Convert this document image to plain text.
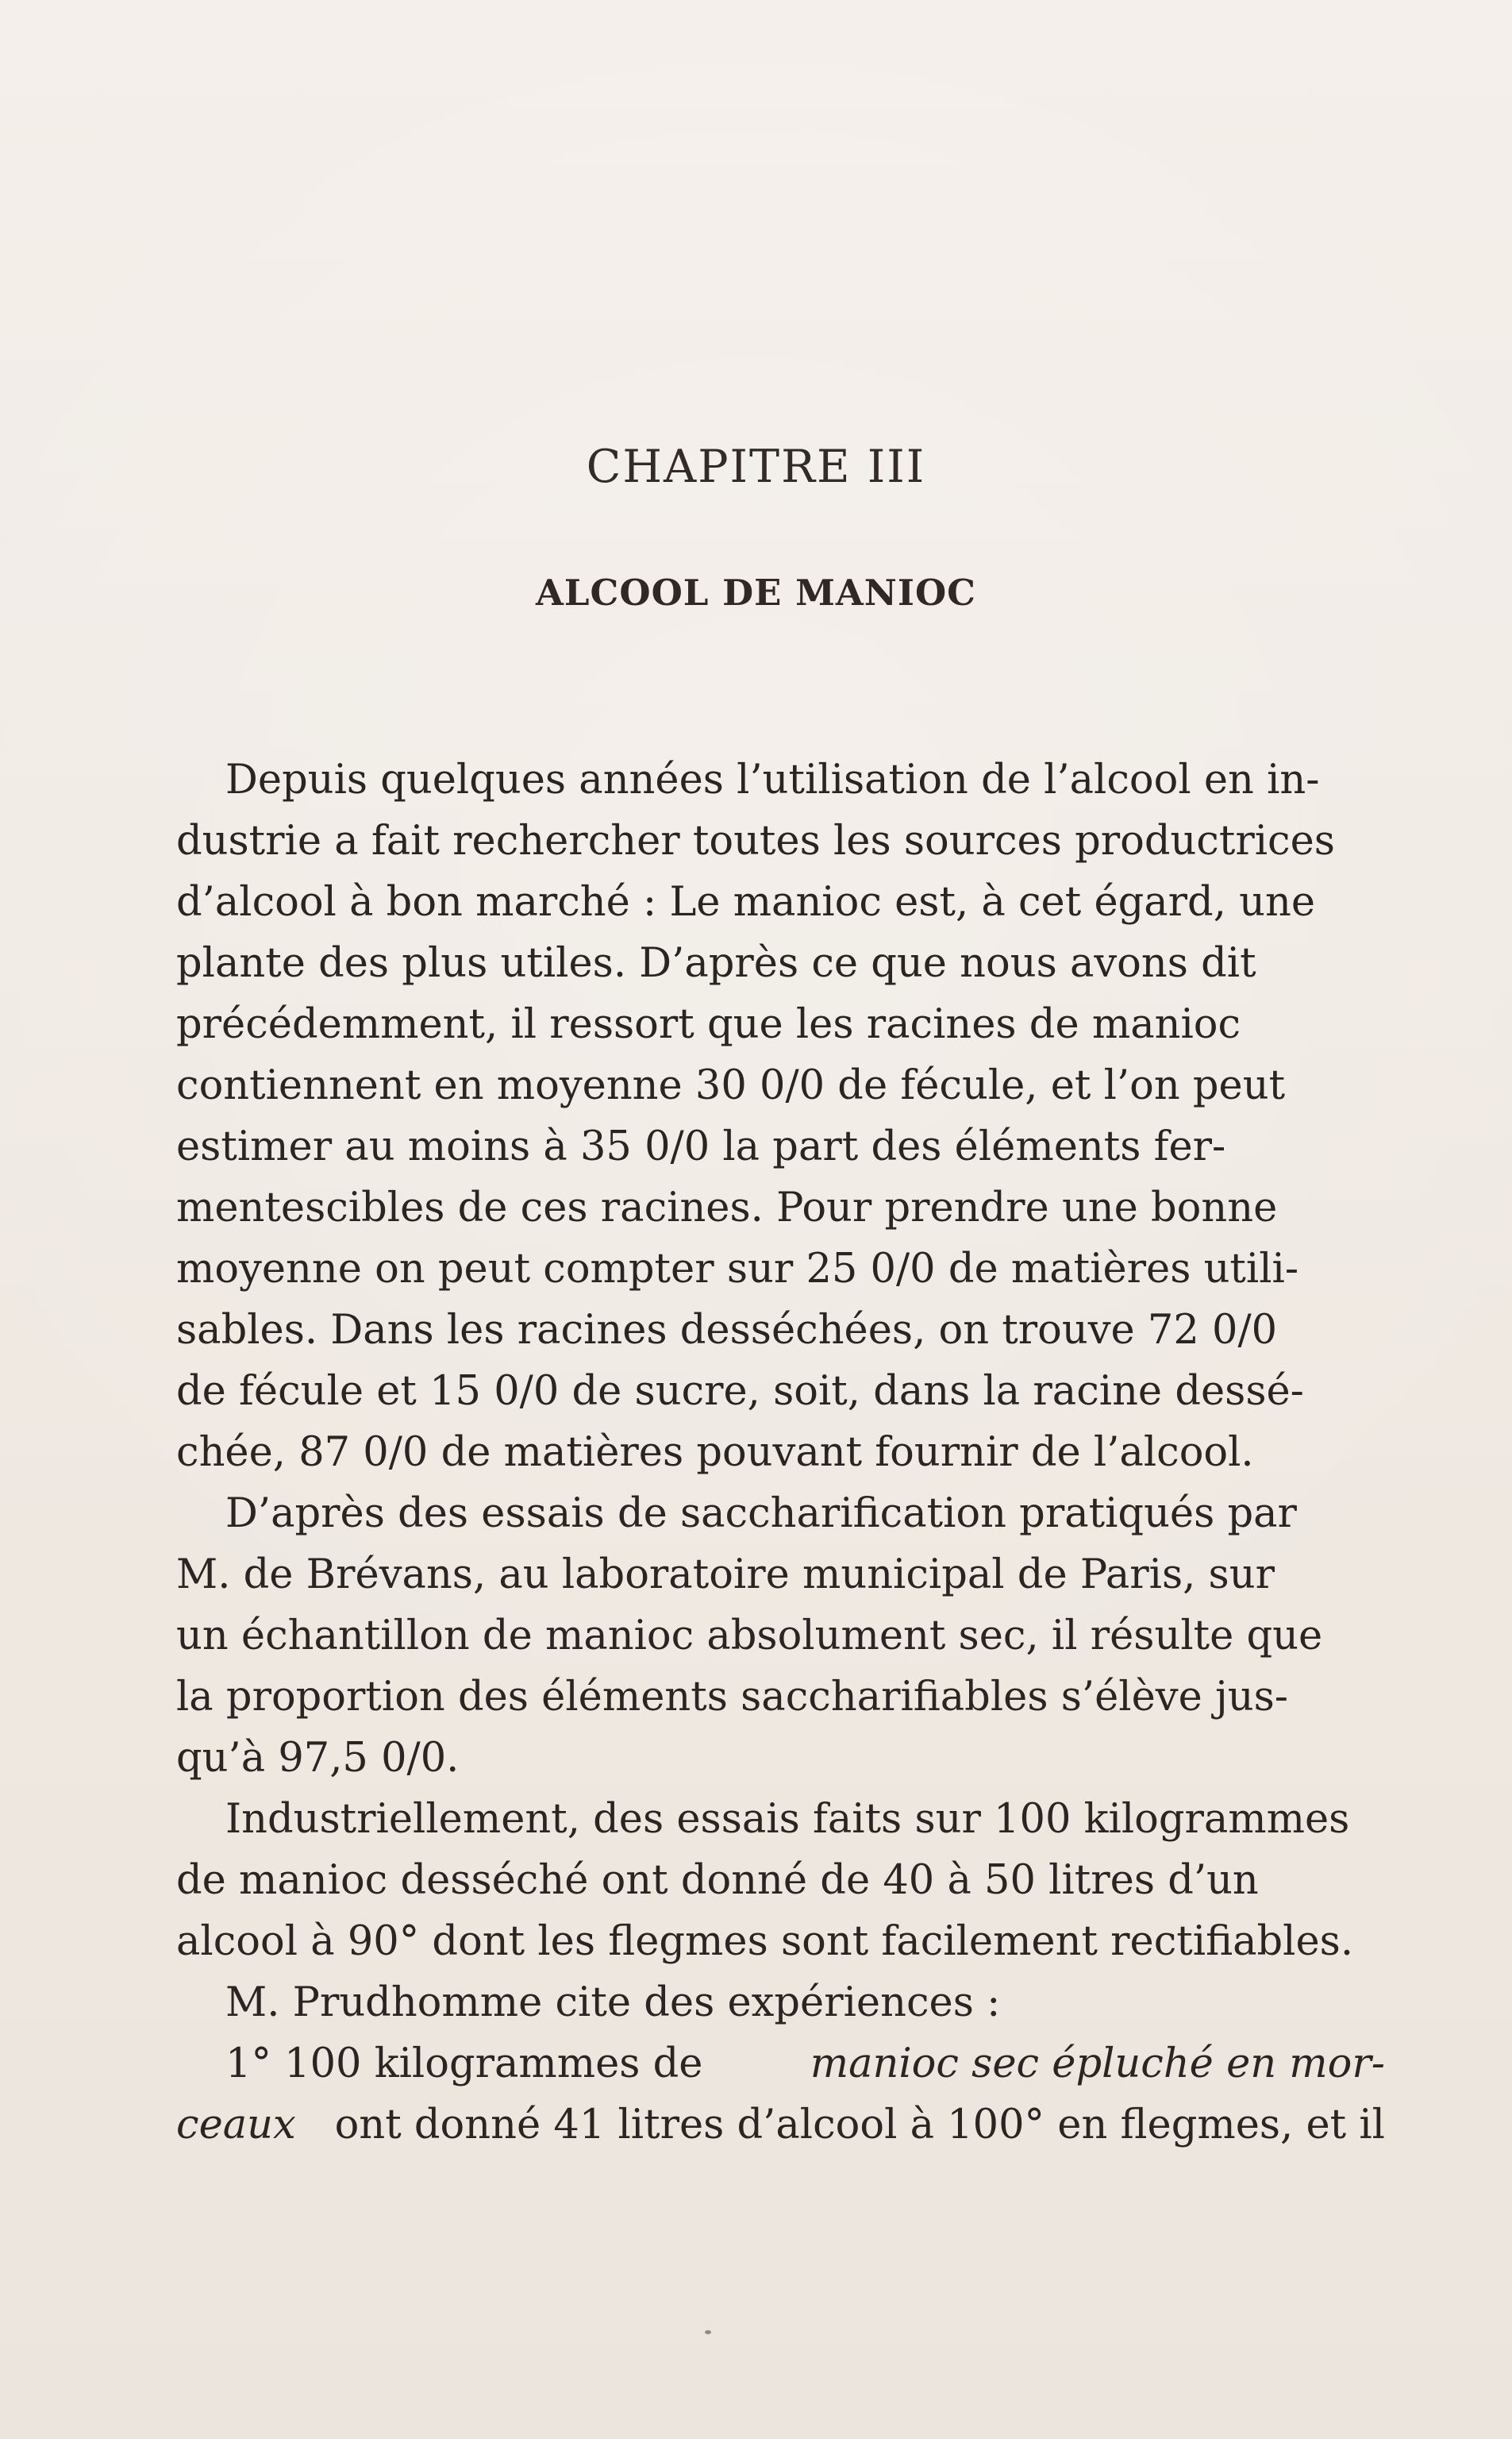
CHAPITRE III
ALCOOL DE MANIOC
Depuis quelques années l’utilisation de l’alcool en in-
dustrie a fait rechercher toutes les sources productrices
d’alcool à bon marché : Le manioc est, à cet égard, une
plante des plus utiles. D’après ce que nous avons dit
précédemment, il ressort que les racines de manioc
contiennent en moyenne 30 0/0 de fécule, et l’on peut
estimer au moins à 35 0/0 la part des éléments fer-
mentescibles de ces racines. Pour prendre une bonne
moyenne on peut compter sur 25 0/0 de matières utili-
sables. Dans les racines desséchées, on trouve 72 0/0
de fécule et 15 0/0 de sucre, soit, dans la racine dessé-
chée, 87 0/0 de matières pouvant fournir de l’alcool.
D’après des essais de saccharification pratiqués par
M. de Brévans, au laboratoire municipal de Paris, sur
un échantillon de manioc absolument sec, il résulte que
la proportion des éléments saccharifiables s’élève jus-
qu’à 97,5 0/0.
Industriellement, des essais faits sur 100 kilogrammes
de manioc desséché ont donné de 40 à 50 litres d’un
alcool à 90° dont les flegmes sont facilement rectifiables.
M. Prudhomme cite des expériences :
1° 100 kilogrammes de	manioc sec épluché en mor-
ceaux ont donné 41 litres d’alcool à 100° en flegmes, et il
